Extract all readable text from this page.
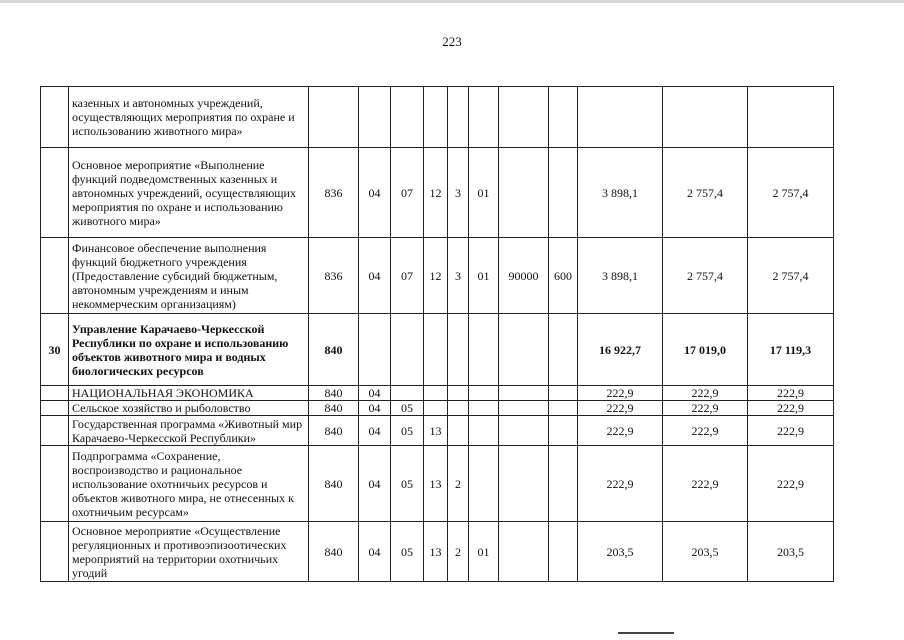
223
	казенных и автономных учреждений, осуществляющих мероприятия по охране и использованию животного мира»											
	Основное мероприятие «Выполнение функций подведомственных казенных и автономных учреждений, осуществляющих мероприятия по охране и использованию животного мира»	836	04	07	12	3	01			3 898,1	2 757,4	2 757,4
	Финансовое обеспечение выполнения функций бюджетного учреждения (Предоставление субсидий бюджетным, автономным учреждениям и иным некоммерческим организациям)	836	04	07	12	3	01	90000	600	3 898,1	2 757,4	2 757,4
30	Управление Карачаево-Черкесской Республики по охране и использованию объектов животного мира и водных биологических ресурсов	840								16 922,7	17 019,0	17 119,3
	НАЦИОНАЛЬНАЯ ЭКОНОМИКА	840	04							222,9	222,9	222,9
	Сельское хозяйство и рыболовство	840	04	05						222,9	222,9	222,9
	Государственная программа «Животный мир Карачаево-Черкесской Республики»	840	04	05	13					222,9	222,9	222,9
	Подпрограмма «Сохранение, воспроизводство и рациональное использование охотничьих ресурсов и объектов животного мира, не отнесенных к охотничьим ресурсам»	840	04	05	13	2				222,9	222,9	222,9
	Основное мероприятие «Осуществление регуляционных и противоэпизоотических мероприятий на территории охотничьих угодий	840	04	05	13	2	01			203,5	203,5	203,5
